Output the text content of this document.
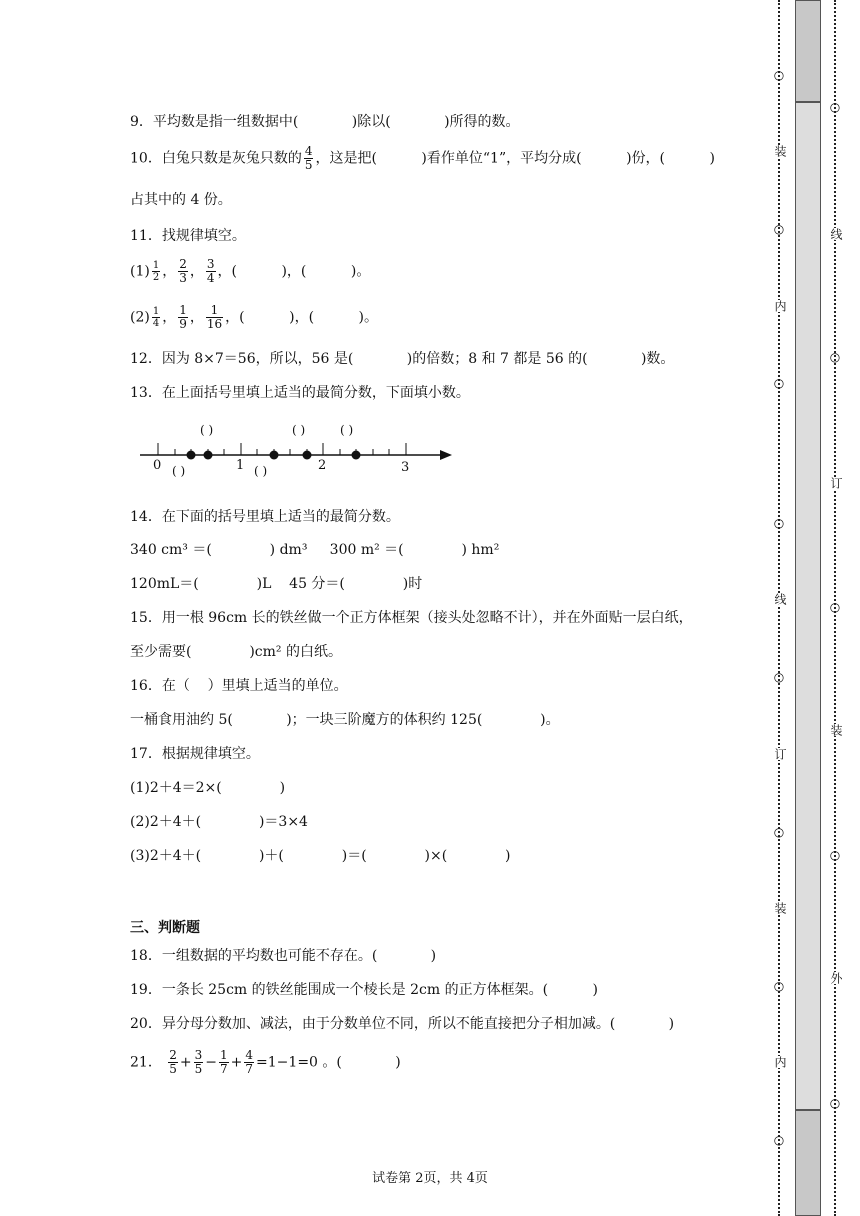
9．平均数是指一组数据中(            )除以(            )所得的数。
10．白兔只数是灰兔只数的 $\frac{4}{5}$ ，这是把(          )看作单位“1”，平均分成(          )份，(          )
占其中的 4 份。
11．找规律填空。
$(1) \frac{1}{2}$ ， $\frac{2}{3}$ ， $\frac{3}{4}$ ，(          )，(          )。
$(2) \frac{1}{4}$ ， $\frac{1}{9}$ ， $\frac{1}{16}$ ，(          )，(          )。
12．因为 8×7＝56，所以，56 是(            )的倍数；8 和 7 都是 56 的(            )数。
13．在上面括号里填上适当的最简分数，下面填小数。
( )	( )	( )
0	1	2	3
( )	( )
14．在下面的括号里填上适当的最简分数。
340 cm³ ＝(             ) dm³     300 m² ＝(             ) hm²
120mL＝(             )L    45 分＝(             )时
15．用一根 96cm 长的铁丝做一个正方体框架（接头处忽略不计），并在外面贴一层白纸，
至少需要(             )cm² 的白纸。
16．在（    ）里填上适当的单位。
一桶食用油约 5(            )；一块三阶魔方的体积约 125(             )。
17．根据规律填空。
(1)2＋4＝2×(             )
(2)2＋4＋(             )＝3×4
(3)2＋4＋(             )＋(             )＝(             )×(             )
三、判断题
18．一组数据的平均数也可能不存在。(            )
19．一条长 25cm 的铁丝能围成一个棱长是 2cm 的正方体框架。(          )
20．异分母分数加、减法，由于分数单位不同，所以不能直接把分子相加减。(            )
21． $\frac{2}{5} + \frac{3}{5} - \frac{1}{7} + \frac{4}{7} =1-1=0$ 。(            )
试卷第 2页，共 4页
○
装
○
内
○
○
线
○
订
○
装
○
内
○
○
线
○
订
○
装
○
外
○
